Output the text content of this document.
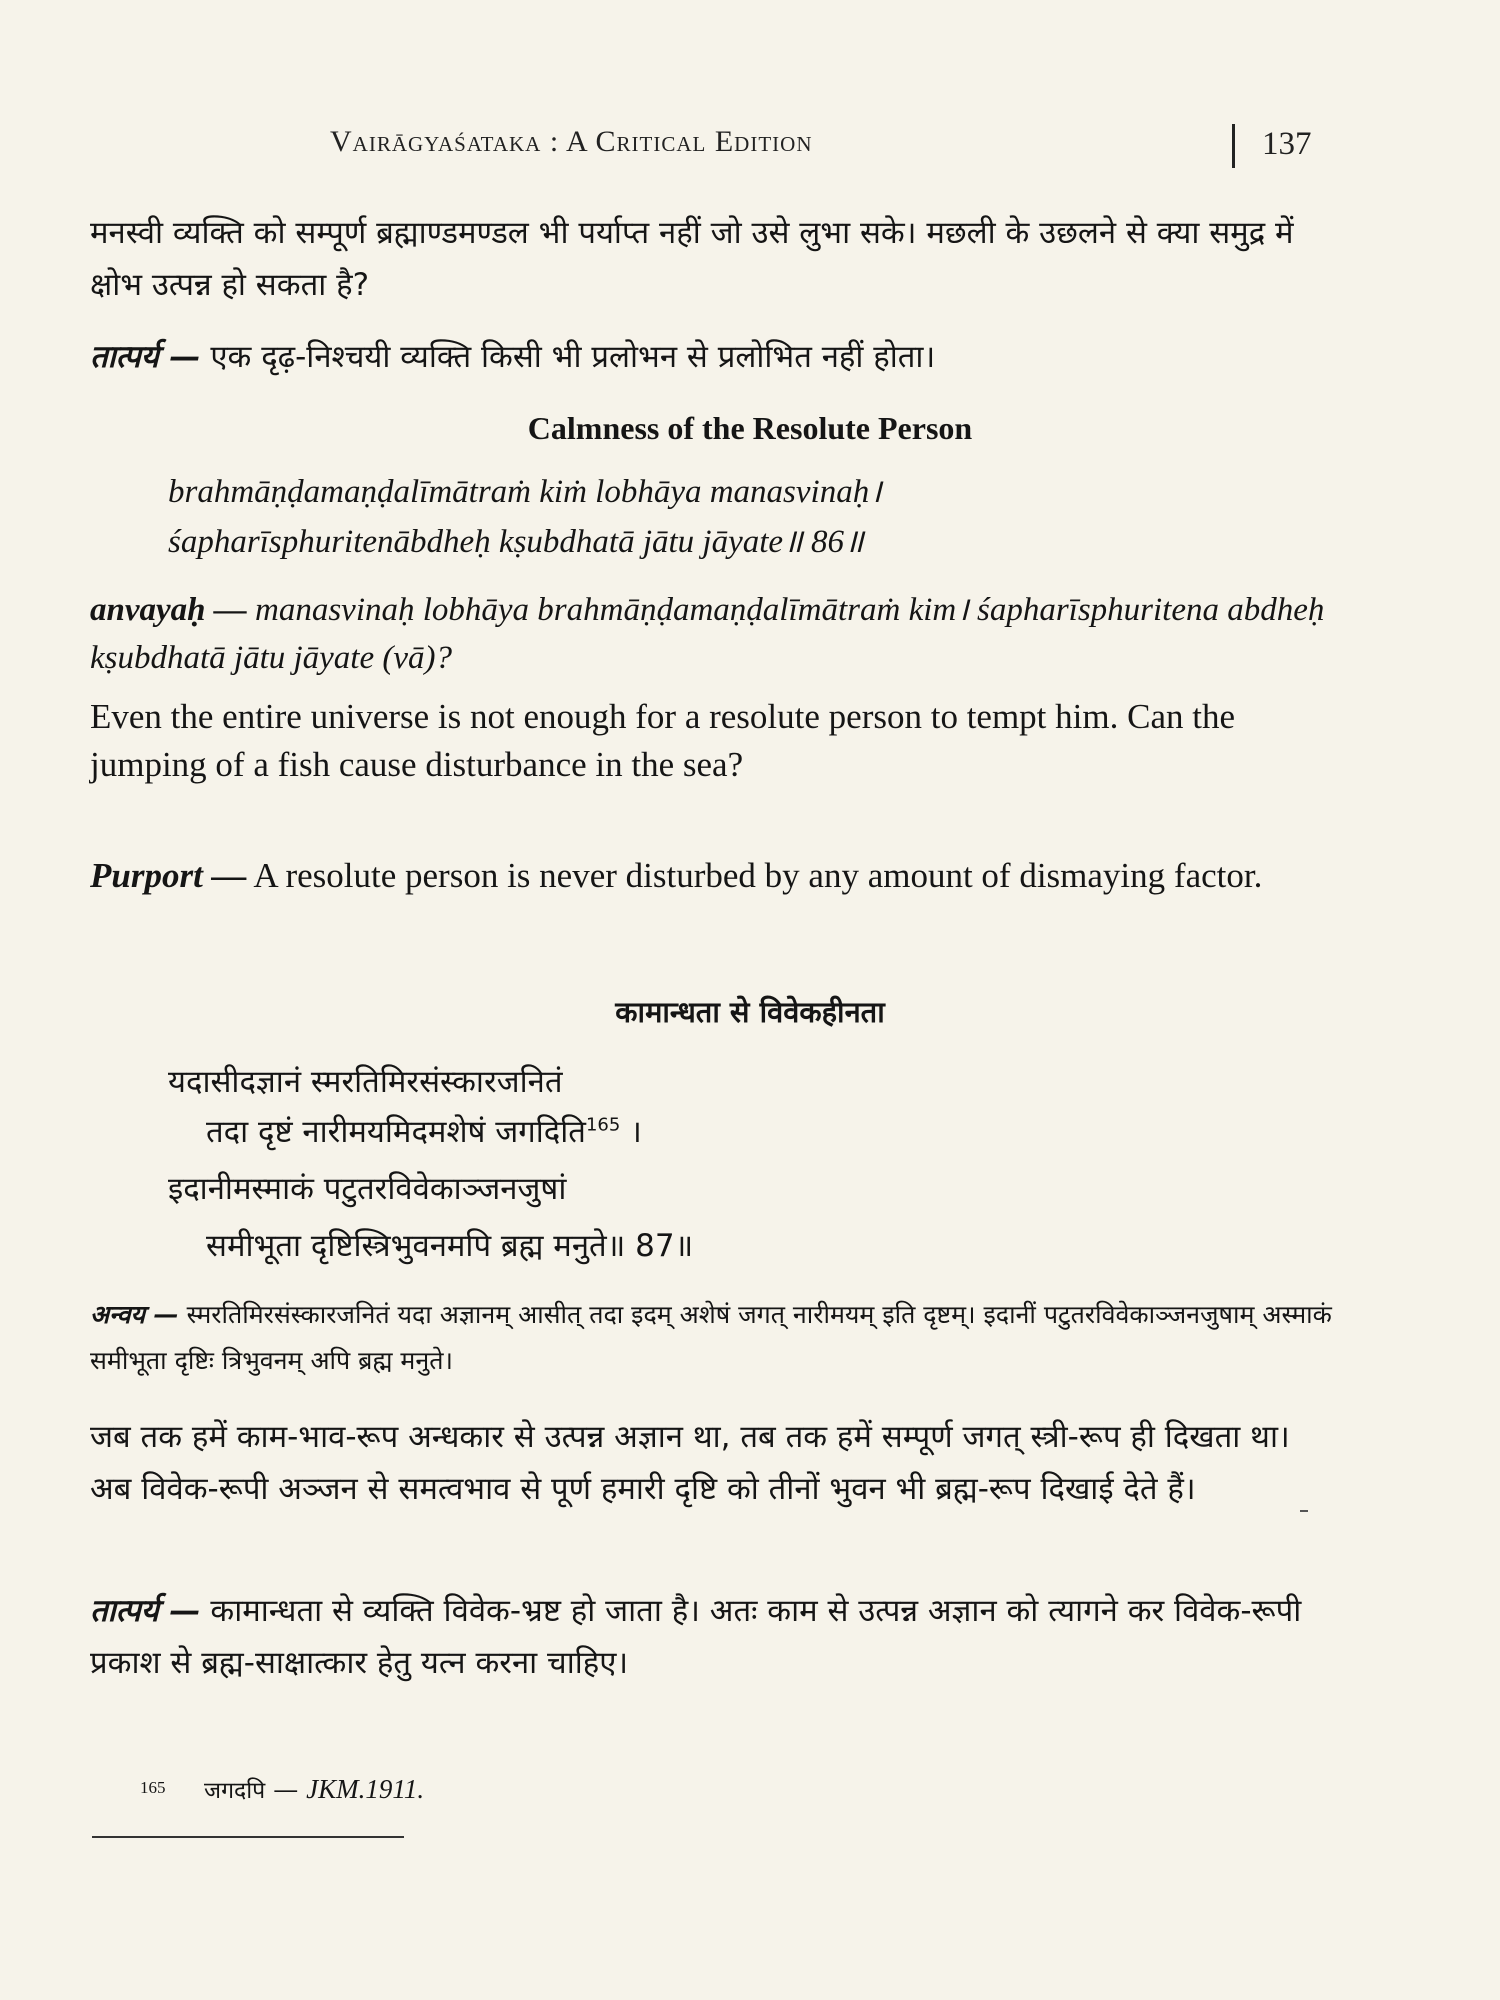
Vairāgyaśataka : A Critical Edition	137
मनस्वी व्यक्ति को सम्पूर्ण ब्रह्माण्डमण्डल भी पर्याप्त नहीं जो उसे लुभा सके। मछली के उछलने से क्या समुद्र में क्षोभ उत्पन्न हो सकता है?
तात्पर्य — एक दृढ़-निश्चयी व्यक्ति किसी भी प्रलोभन से प्रलोभित नहीं होता।
Calmness of the Resolute Person
brahmāṇḍamaṇḍalīmātraṁ kiṁ lobhāya manasvinaḥ।
śapharīsphuritenābdheḥ kṣubdhatā jātu jāyate॥ 86॥
anvayaḥ — manasvinaḥ lobhāya brahmāṇḍamaṇḍalīmātraṁ kim। śapharīsphuritena abdheḥ kṣubdhatā jātu jāyate (vā)?
Even the entire universe is not enough for a resolute person to tempt him. Can the jumping of a fish cause disturbance in the sea?
Purport — A resolute person is never disturbed by any amount of dismaying factor.
कामान्धता से विवेकहीनता
यदासीदज्ञानं स्मरतिमिरसंस्कारजनितं
तदा दृष्टं नारीमयमिदमशेषं जगदिति$^{165}$ ।
इदानीमस्माकं पटुतरविवेकाञ्जनजुषां
समीभूता दृष्टिस्त्रिभुवनमपि ब्रह्म मनुते॥ 87॥
अन्वय — स्मरतिमिरसंस्कारजनितं यदा अज्ञानम् आसीत् तदा इदम् अशेषं जगत् नारीमयम् इति दृष्टम्। इदानीं पटुतरविवेकाञ्जनजुषाम् अस्माकं समीभूता दृष्टिः त्रिभुवनम् अपि ब्रह्म मनुते।
जब तक हमें काम-भाव-रूप अन्धकार से उत्पन्न अज्ञान था, तब तक हमें सम्पूर्ण जगत् स्त्री-रूप ही दिखता था। अब विवेक-रूपी अञ्जन से समत्वभाव से पूर्ण हमारी दृष्टि को तीनों भुवन भी ब्रह्म-रूप दिखाई देते हैं।
तात्पर्य — कामान्धता से व्यक्ति विवेक-भ्रष्ट हो जाता है। अतः काम से उत्पन्न अज्ञान को त्यागने कर विवेक-रूपी प्रकाश से ब्रह्म-साक्षात्कार हेतु यत्न करना चाहिए।
165 जगदपि — JKM.1911.
